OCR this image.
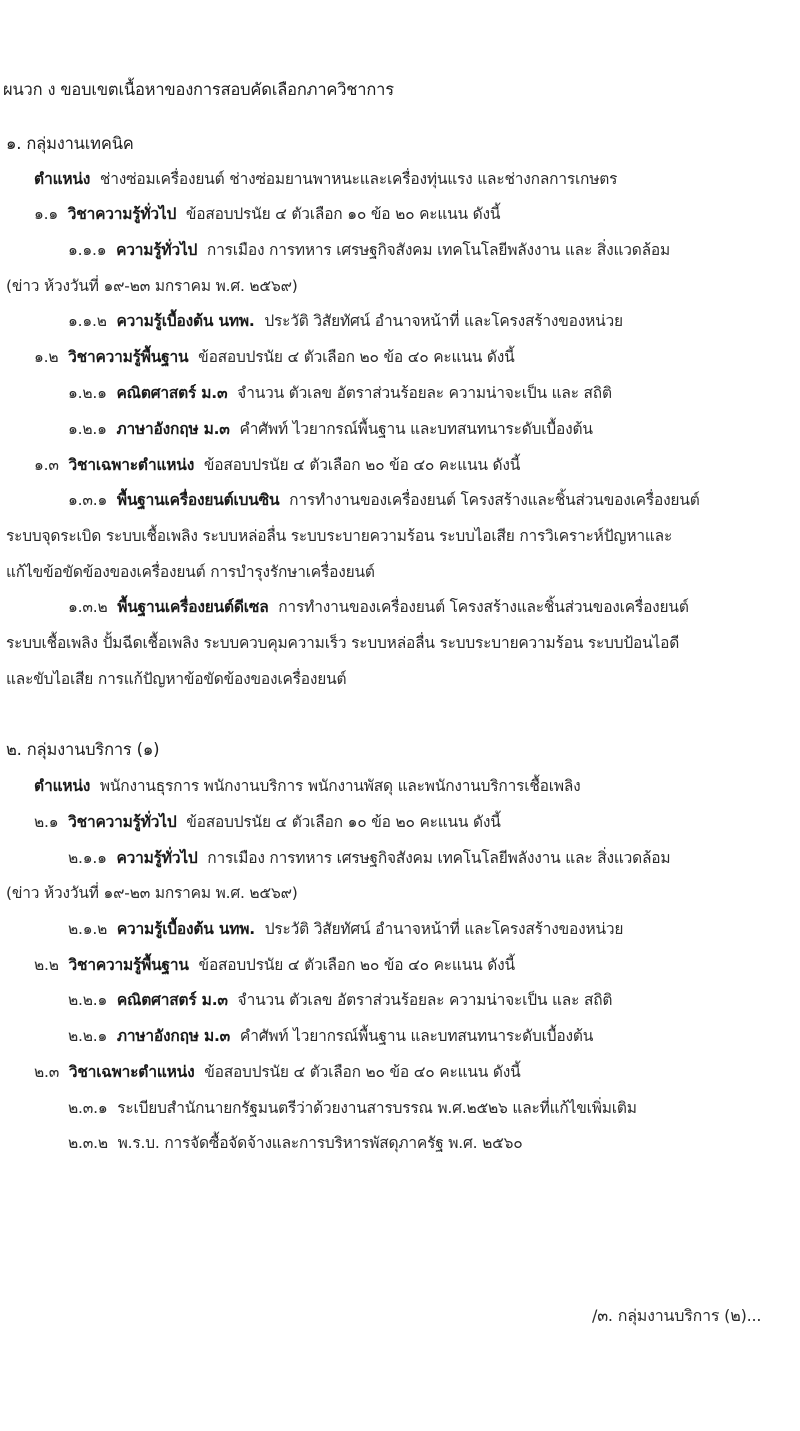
ผนวก ง ขอบเขตเนื้อหาของการสอบคัดเลือกภาควิชาการ
๑. กลุ่มงานเทคนิค
ตำแหน่ง ช่างซ่อมเครื่องยนต์ ช่างซ่อมยานพาหนะและเครื่องทุ่นแรง และช่างกลการเกษตร
๑.๑ วิชาความรู้ทั่วไป ข้อสอบปรนัย ๔ ตัวเลือก ๑๐ ข้อ ๒๐ คะแนน ดังนี้
๑.๑.๑ ความรู้ทั่วไป การเมือง การทหาร เศรษฐกิจสังคม เทคโนโลยีพลังงาน และ สิ่งแวดล้อม
(ข่าว ห้วงวันที่ ๑๙-๒๓ มกราคม พ.ศ. ๒๕๖๙)
๑.๑.๒ ความรู้เบื้องต้น นทพ. ประวัติ วิสัยทัศน์ อำนาจหน้าที่ และโครงสร้างของหน่วย
๑.๒ วิชาความรู้พื้นฐาน ข้อสอบปรนัย ๔ ตัวเลือก ๒๐ ข้อ ๔๐ คะแนน ดังนี้
๑.๒.๑ คณิตศาสตร์ ม.๓ จำนวน ตัวเลข อัตราส่วนร้อยละ ความน่าจะเป็น และ สถิติ
๑.๒.๑ ภาษาอังกฤษ ม.๓ คำศัพท์ ไวยากรณ์พื้นฐาน และบทสนทนาระดับเบื้องต้น
๑.๓ วิชาเฉพาะตำแหน่ง ข้อสอบปรนัย ๔ ตัวเลือก ๒๐ ข้อ ๔๐ คะแนน ดังนี้
๑.๓.๑ พื้นฐานเครื่องยนต์เบนซิน การทำงานของเครื่องยนต์ โครงสร้างและชิ้นส่วนของเครื่องยนต์
ระบบจุดระเบิด ระบบเชื้อเพลิง ระบบหล่อลื่น ระบบระบายความร้อน ระบบไอเสีย การวิเคราะห์ปัญหาและ
แก้ไขข้อขัดข้องของเครื่องยนต์ การบำรุงรักษาเครื่องยนต์
๑.๓.๒ พื้นฐานเครื่องยนต์ดีเซล การทำงานของเครื่องยนต์ โครงสร้างและชิ้นส่วนของเครื่องยนต์
ระบบเชื้อเพลิง ปั้มฉีดเชื้อเพลิง ระบบควบคุมความเร็ว ระบบหล่อลื่น ระบบระบายความร้อน ระบบป้อนไอดี
และขับไอเสีย การแก้ปัญหาข้อขัดข้องของเครื่องยนต์
๒. กลุ่มงานบริการ (๑)
ตำแหน่ง พนักงานธุรการ พนักงานบริการ พนักงานพัสดุ และพนักงานบริการเชื้อเพลิง
๒.๑ วิชาความรู้ทั่วไป ข้อสอบปรนัย ๔ ตัวเลือก ๑๐ ข้อ ๒๐ คะแนน ดังนี้
๒.๑.๑ ความรู้ทั่วไป การเมือง การทหาร เศรษฐกิจสังคม เทคโนโลยีพลังงาน และ สิ่งแวดล้อม
(ข่าว ห้วงวันที่ ๑๙-๒๓ มกราคม พ.ศ. ๒๕๖๙)
๒.๑.๒ ความรู้เบื้องต้น นทพ. ประวัติ วิสัยทัศน์ อำนาจหน้าที่ และโครงสร้างของหน่วย
๒.๒ วิชาความรู้พื้นฐาน ข้อสอบปรนัย ๔ ตัวเลือก ๒๐ ข้อ ๔๐ คะแนน ดังนี้
๒.๒.๑ คณิตศาสตร์ ม.๓ จำนวน ตัวเลข อัตราส่วนร้อยละ ความน่าจะเป็น และ สถิติ
๒.๒.๑ ภาษาอังกฤษ ม.๓ คำศัพท์ ไวยากรณ์พื้นฐาน และบทสนทนาระดับเบื้องต้น
๒.๓ วิชาเฉพาะตำแหน่ง ข้อสอบปรนัย ๔ ตัวเลือก ๒๐ ข้อ ๔๐ คะแนน ดังนี้
๒.๓.๑ ระเบียบสำนักนายกรัฐมนตรีว่าด้วยงานสารบรรณ พ.ศ.๒๕๒๖ และที่แก้ไขเพิ่มเติม
๒.๓.๒ พ.ร.บ. การจัดซื้อจัดจ้างและการบริหารพัสดุภาครัฐ พ.ศ. ๒๕๖๐
/๓. กลุ่มงานบริการ (๒)...
